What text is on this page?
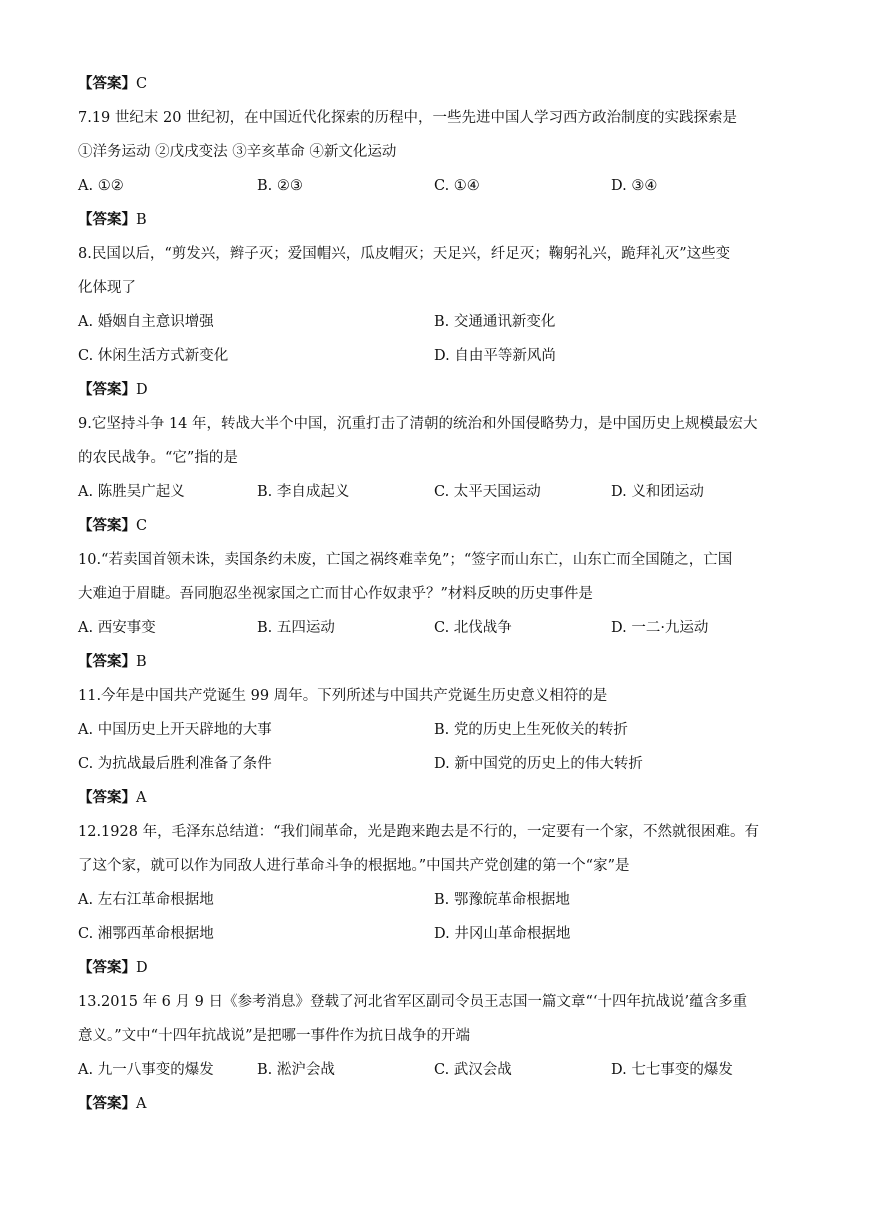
【答案】C
7.19 世纪末 20 世纪初，在中国近代化探索的历程中，一些先进中国人学习西方政治制度的实践探索是
①洋务运动 ②戊戌变法 ③辛亥革命 ④新文化运动
A. ①②	B. ②③	C. ①④	D. ③④
【答案】B
8.民国以后，“剪发兴，辫子灭；爱国帽兴，瓜皮帽灭；天足兴，纤足灭；鞠躬礼兴，跪拜礼灭”这些变
化体现了
A. 婚姻自主意识增强	B. 交通通讯新变化
C. 休闲生活方式新变化	D. 自由平等新风尚
【答案】D
9.它坚持斗争 14 年，转战大半个中国，沉重打击了清朝的统治和外国侵略势力，是中国历史上规模最宏大
的农民战争。“它”指的是
A. 陈胜吴广起义	B. 李自成起义	C. 太平天国运动	D. 义和团运动
【答案】C
10.“若卖国首领未诛，卖国条约未废，亡国之祸终难幸免”；“签字而山东亡，山东亡而全国随之，亡国
大难迫于眉睫。吾同胞忍坐视家国之亡而甘心作奴隶乎？”材料反映的历史事件是
A. 西安事变	B. 五四运动	C. 北伐战争	D. 一二·九运动
【答案】B
11.今年是中国共产党诞生 99 周年。下列所述与中国共产党诞生历史意义相符的是
A. 中国历史上开天辟地的大事	B. 党的历史上生死攸关的转折
C. 为抗战最后胜利准备了条件	D. 新中国党的历史上的伟大转折
【答案】A
12.1928 年，毛泽东总结道：“我们闹革命，光是跑来跑去是不行的，一定要有一个家，不然就很困难。有
了这个家，就可以作为同敌人进行革命斗争的根据地。”中国共产党创建的第一个“家”是
A. 左右江革命根据地	B. 鄂豫皖革命根据地
C. 湘鄂西革命根据地	D. 井冈山革命根据地
【答案】D
13.2015 年 6 月 9 日《参考消息》登载了河北省军区副司令员王志国一篇文章“‘十四年抗战说’蕴含多重
意义。”文中“十四年抗战说”是把哪一事件作为抗日战争的开端
A. 九一八事变的爆发	B. 淞沪会战	C. 武汉会战	D. 七七事变的爆发
【答案】A
